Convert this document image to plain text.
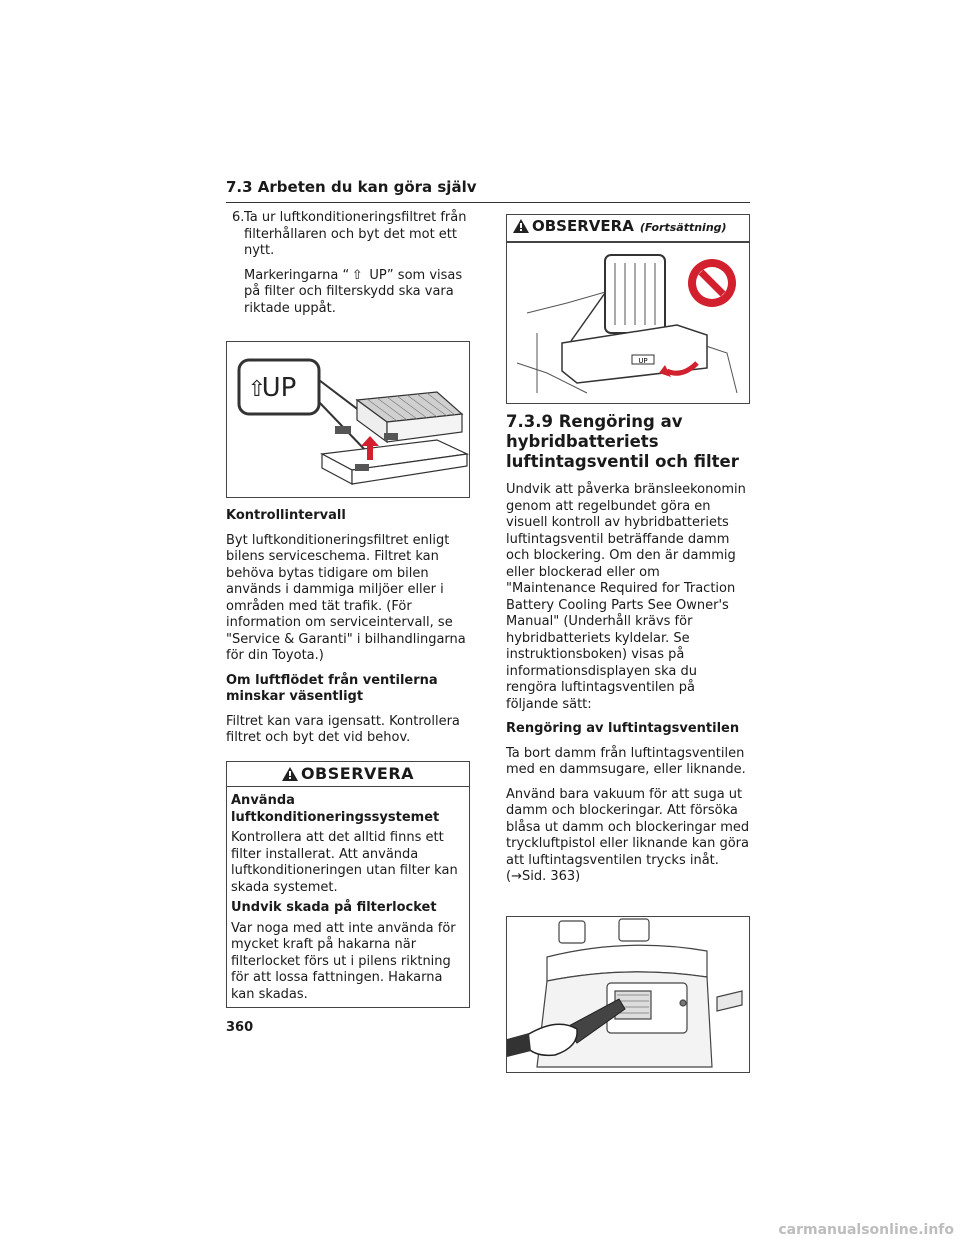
7.3 Arbeten du kan göra själv
6. Ta ur luftkonditioneringsfiltret från filterhållaren och byt det mot ett nytt.

Markeringarna “ ⇧ UP” som visas på filter och filterskydd ska vara riktade uppåt.

UP
⇧

Kontrollintervall

Byt luftkonditioneringsfiltret enligt bilens serviceschema. Filtret kan behöva bytas tidigare om bilen används i dammiga miljöer eller i områden med tät trafik. (För information om serviceintervall, se "Service & Garanti" i bilhandlingarna för din Toyota.)

Om luftflödet från ventilerna minskar väsentligt

Filtret kan vara igensatt. Kontrollera filtret och byt det vid behov.

OBSERVERA

Använda luftkonditioneringssystemet

Kontrollera att det alltid finns ett filter installerat. Att använda luftkonditioneringen utan filter kan skada systemet.

Undvik skada på filterlocket

Var noga med att inte använda för mycket kraft på hakarna när filterlocket förs ut i pilens riktning för att lossa fattningen. Hakarna kan skadas.

OBSERVERA (Fortsättning)
UP
7.3.9 Rengöring av hybridbatteriets luftintagsventil och filter

Undvik att påverka bränsleekonomin genom att regelbundet göra en visuell kontroll av hybridbatteriets luftintagsventil beträffande damm och blockering. Om den är dammig eller blockerad eller om "Maintenance Required for Traction Battery Cooling Parts See Owner's Manual" (Underhåll krävs för hybridbatteriets kyldelar. Se instruktionsboken) visas på informationsdisplayen ska du rengöra luftintagsventilen på följande sätt:

Rengöring av luftintagsventilen

Ta bort damm från luftintagsventilen med en dammsugare, eller liknande.

Använd bara vakuum för att suga ut damm och blockeringar. Att försöka blåsa ut damm och blockeringar med tryckluftpistol eller liknande kan göra att luftintagsventilen trycks inåt.
(→Sid. 363)

360
carmanualsonline.info
